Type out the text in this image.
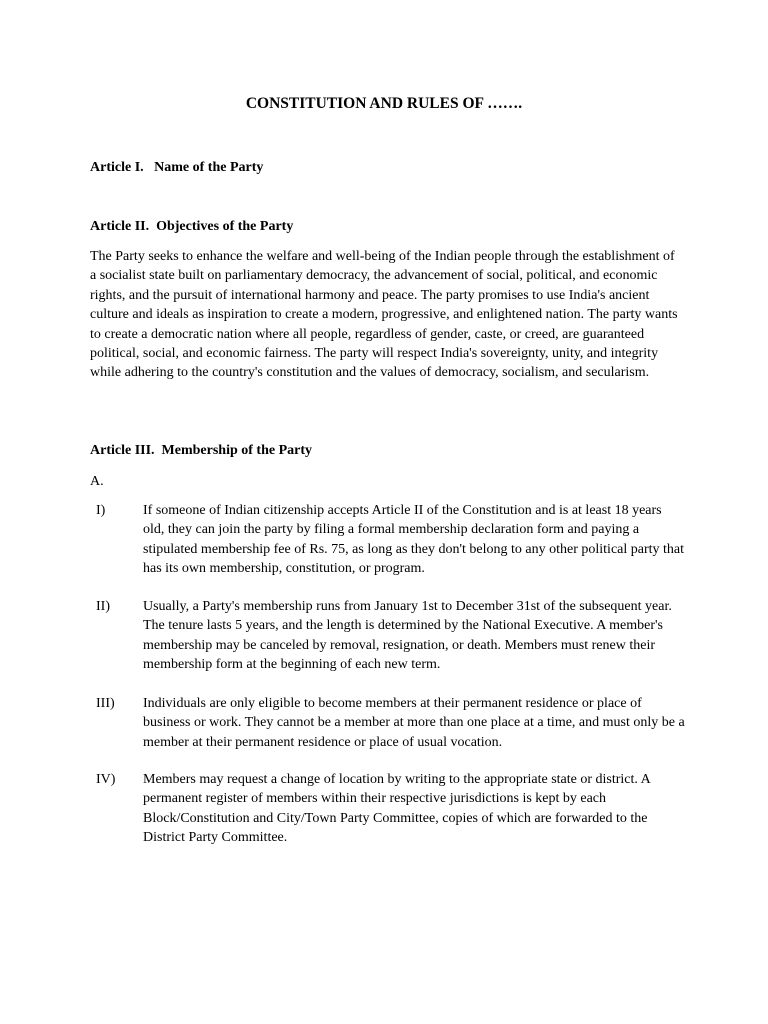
CONSTITUTION AND RULES OF …….
Article I.   Name of the Party
Article II.  Objectives of the Party
The Party seeks to enhance the welfare and well-being of the Indian people through the establishment of a socialist state built on parliamentary democracy, the advancement of social, political, and economic rights, and the pursuit of international harmony and peace. The party promises to use India's ancient culture and ideals as inspiration to create a modern, progressive, and enlightened nation. The party wants to create a democratic nation where all people, regardless of gender, caste, or creed, are guaranteed political, social, and economic fairness. The party will respect India's sovereignty, unity, and integrity while adhering to the country's constitution and the values of democracy, socialism, and secularism.
Article III.  Membership of the Party
A.
I)	If someone of Indian citizenship accepts Article II of the Constitution and is at least 18 years old, they can join the party by filing a formal membership declaration form and paying a stipulated membership fee of Rs. 75, as long as they don't belong to any other political party that has its own membership, constitution, or program.
II) Usually, a Party's membership runs from January 1st to December 31st of the subsequent year. The tenure lasts 5 years, and the length is determined by the National Executive. A member's membership may be canceled by removal, resignation, or death. Members must renew their membership form at the beginning of each new term.
III) Individuals are only eligible to become members at their permanent residence or place of business or work. They cannot be a member at more than one place at a time, and must only be a member at their permanent residence or place of usual vocation.
IV) Members may request a change of location by writing to the appropriate state or district. A permanent register of members within their respective jurisdictions is kept by each Block/Constitution and City/Town Party Committee, copies of which are forwarded to the District Party Committee.
